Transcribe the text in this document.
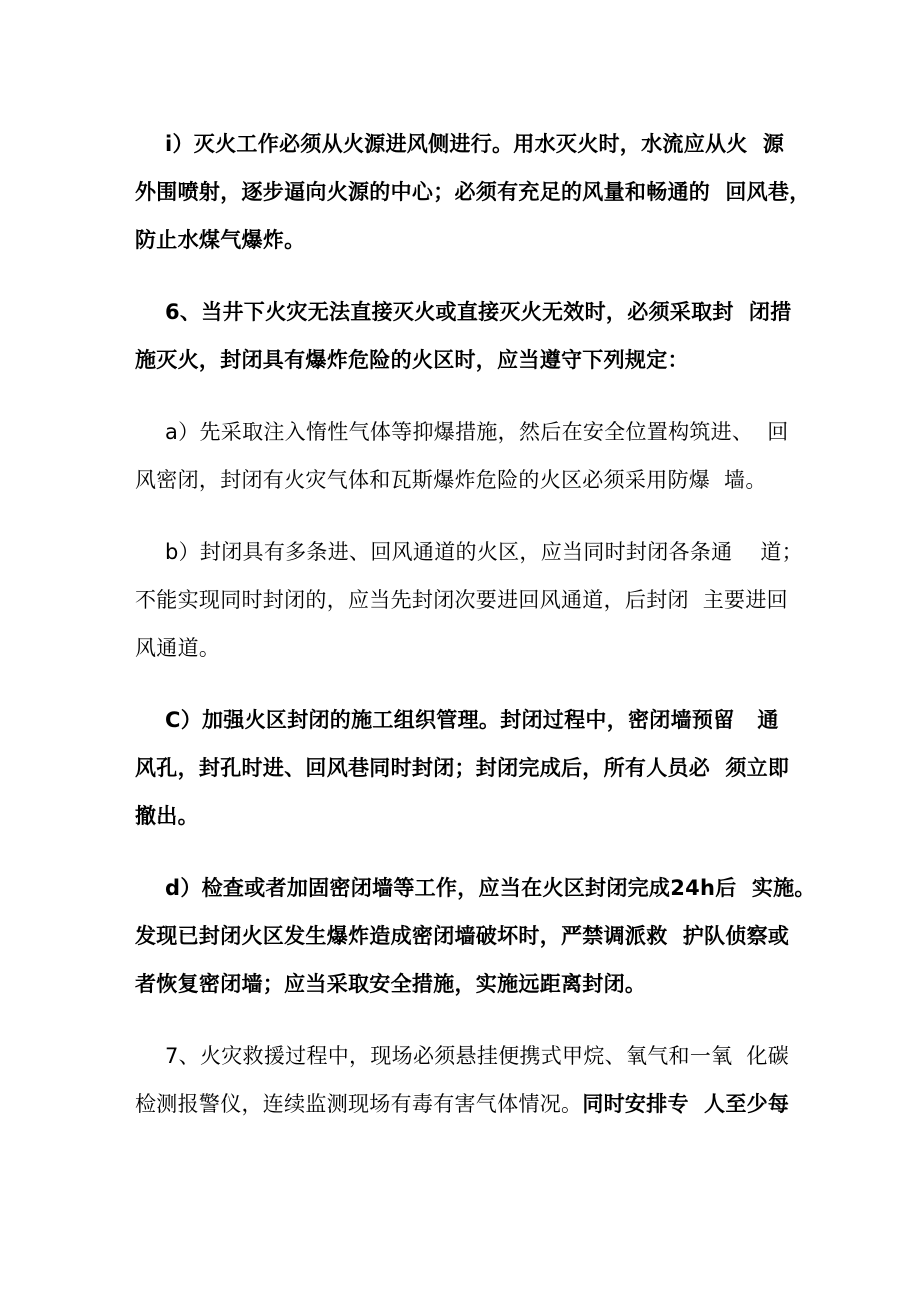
i）灭火工作必须从火源进风侧进行。用水灭火时，水流应从火  源
外围喷射，逐步逼向火源的中心；必须有充足的风量和畅通的  回风巷，
防止水煤气爆炸。
6、当井下火灾无法直接灭火或直接灭火无效时，必须采取封  闭措
施灭火，封闭具有爆炸危险的火区时，应当遵守下列规定：
a）先采取注入惰性气体等抑爆措施，然后在安全位置构筑进、  回
风密闭，封闭有火灾气体和瓦斯爆炸危险的火区必须采用防爆  墙。
b）封闭具有多条进、回风通道的火区，应当同时封闭各条通    道；
不能实现同时封闭的，应当先封闭次要进回风通道，后封闭  主要进回
风通道。
C）加强火区封闭的施工组织管理。封闭过程中，密闭墙预留   通
风孔，封孔时进、回风巷同时封闭；封闭完成后，所有人员必  须立即
撤出。
d）检查或者加固密闭墙等工作，应当在火区封闭完成24h后  实施。
发现已封闭火区发生爆炸造成密闭墙破坏时，严禁调派救  护队侦察或
者恢复密闭墙；应当采取安全措施，实施远距离封闭。
7、火灾救援过程中，现场必须悬挂便携式甲烷、氧气和一氧  化碳
检测报警仪，连续监测现场有毒有害气体情况。同时安排专  人至少每
